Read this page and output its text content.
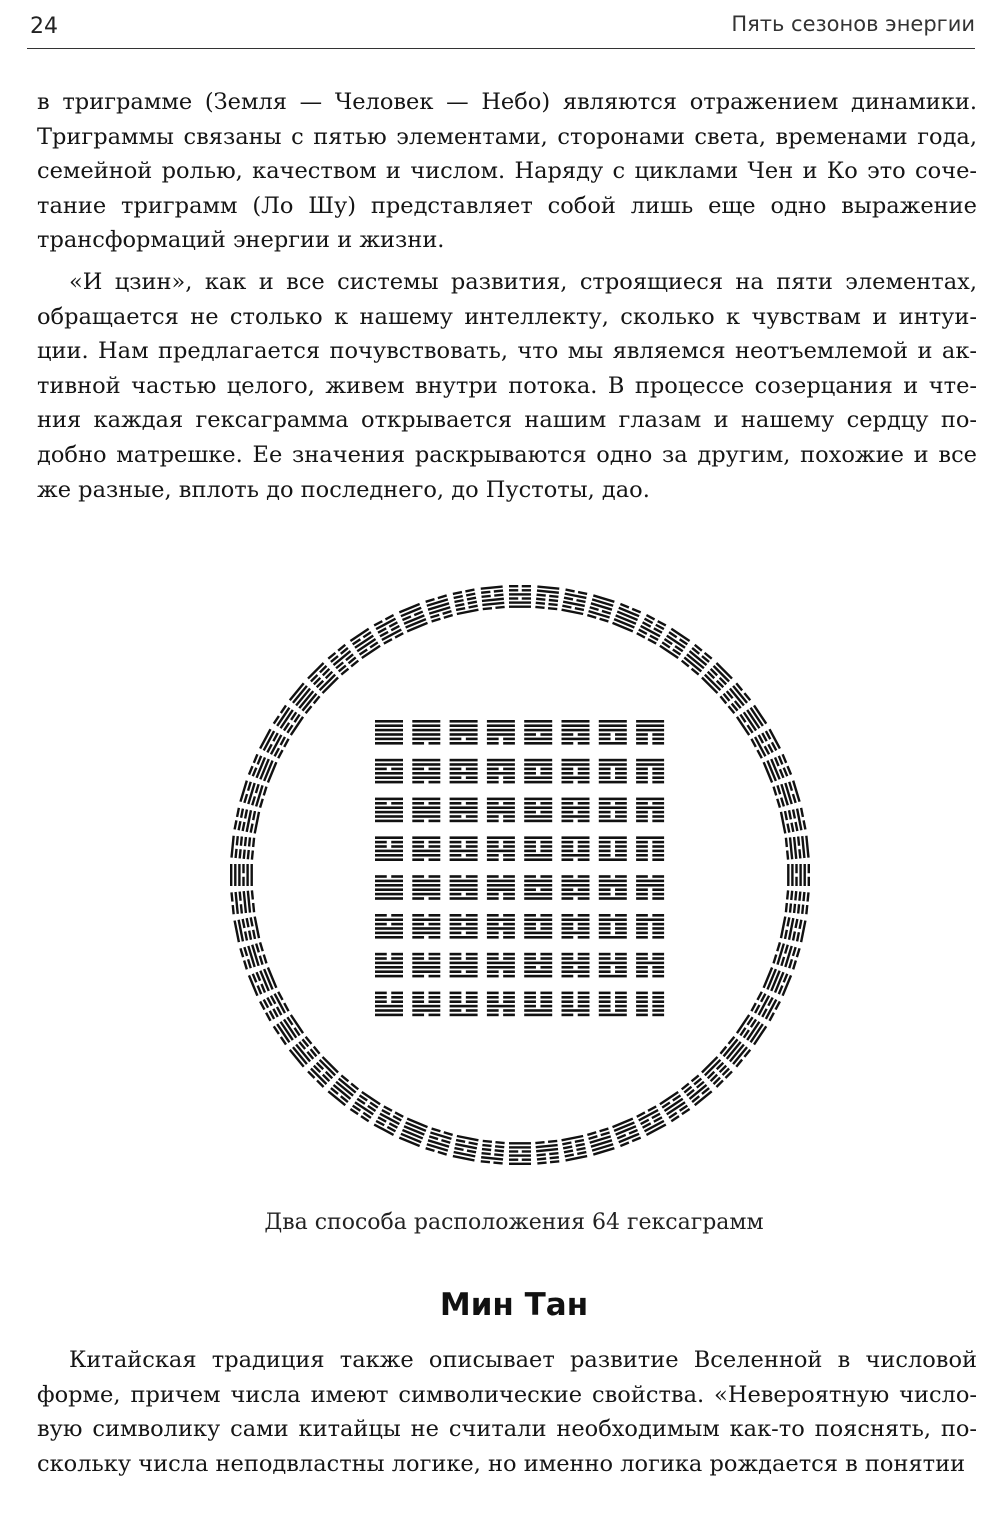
24	Пять сезонов энергии

в триграмме (Земля — Человек — Небо) являются отражением динамики. Триграммы связаны с пятью элементами, сторонами света, временами года, семейной ролью, качеством и числом. Наряду с циклами Чен и Ко это соче- тание триграмм (Ло Шу) представляет собой лишь еще одно выражение трансформаций энергии и жизни.

«И цзин», как и все системы развития, строящиеся на пяти элементах, обращается не столько к нашему интеллекту, сколько к чувствам и интуи- ции. Нам предлагается почувствовать, что мы являемся неотъемлемой и ак- тивной частью целого, живем внутри потока. В процессе созерцания и чте- ния каждая гексаграмма открывается нашим глазам и нашему сердцу по- добно матрешке. Ее значения раскрываются одно за другим, похожие и все же разные, вплоть до последнего, до Пустоты, дао.

Два способа расположения 64 гексаграмм
Мин Тан

Китайская традиция также описывает развитие Вселенной в числовой форме, причем числа имеют символические свойства. «Невероятную число- вую символику сами китайцы не считали необходимым как-то пояснять, по- скольку числа неподвластны логике, но именно логика рождается в понятии
